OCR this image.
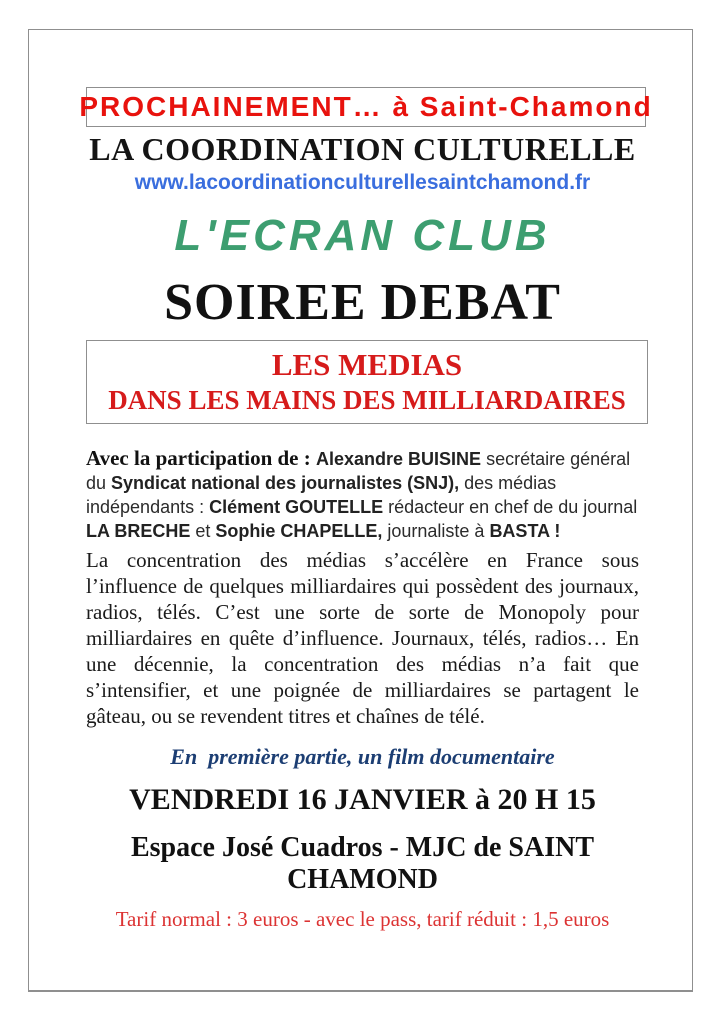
PROCHAINEMENT… à Saint-Chamond
LA COORDINATION CULTURELLE
www.lacoordinationculturellesaintchamond.fr
L'ECRAN CLUB
SOIREE DEBAT
LES MEDIAS
DANS LES MAINS DES MILLIARDAIRES

Avec la participation de : Alexandre BUISINE secrétaire général du Syndicat national des journalistes (SNJ), des médias indépendants : Clément GOUTELLE rédacteur en chef de du journal LA BRECHE et Sophie CHAPELLE, journaliste à BASTA !

La concentration des médias s’accélère en France sous l’influence de quelques milliardaires qui possèdent des journaux, radios, télés. C’est une sorte de sorte de Monopoly pour milliardaires en quête d’influence. Journaux, télés, radios… En une décennie, la concentration des médias n’a fait que s’intensifier, et une poignée de milliardaires se partagent le gâteau, ou se revendent titres et chaînes de télé.

En  première partie, un film documentaire
VENDREDI 16 JANVIER à 20 H 15
Espace José Cuadros - MJC de SAINT CHAMOND
Tarif normal : 3 euros - avec le pass, tarif réduit : 1,5 euros
